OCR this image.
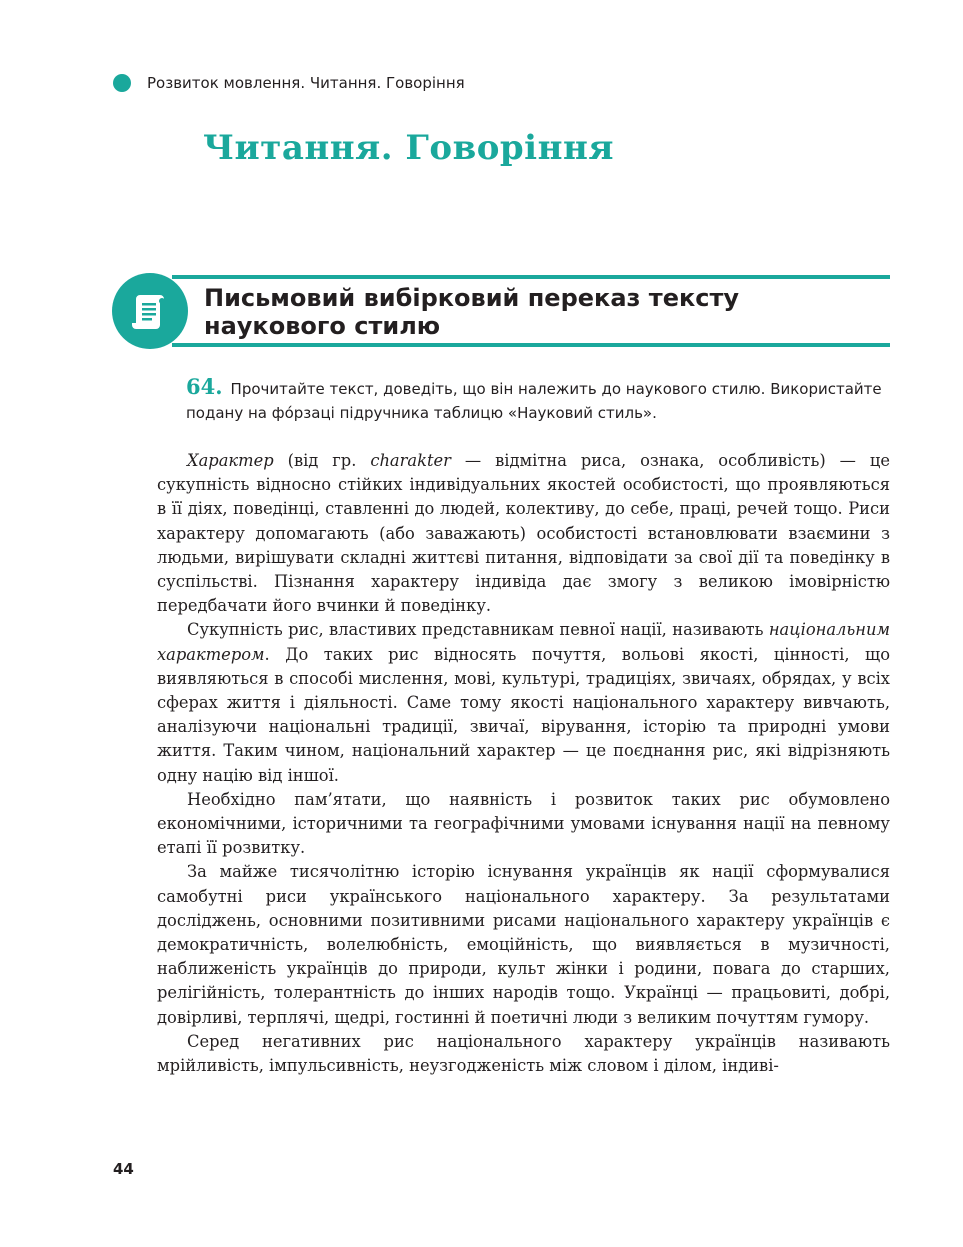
Розвиток мовлення. Читання. Говоріння
Читання. Говоріння
Письмовий вибірковий переказ тексту
наукового стилю
64. Прочитайте текст, доведіть, що він належить до наукового стилю. Використайте подану на фо́рзаці підручника таблицю «Науковий стиль».

Характер (від гр. charakter — відмітна риса, ознака, особливість) — це сукупність відносно стійких індивідуальних якостей особистості, що проявляються в її діях, поведінці, ставленні до людей, колективу, до себе, праці, речей тощо. Риси характеру допомагають (або заважають) особистості встановлювати взаємини з людьми, вирішувати складні життєві питання, відповідати за свої дії та поведінку в суспільстві. Пізнання характеру індивіда дає змогу з великою імовірністю передбачати його вчинки й поведінку.

Сукупність рис, властивих представникам певної нації, називають національним характером. До таких рис відносять почуття, вольові якості, цінності, що виявляються в способі мислення, мові, культурі, традиціях, звичаях, обрядах, у всіх сферах життя і діяльності. Саме тому якості національного характеру вивчають, аналізуючи національні традиції, звичаї, вірування, історію та природні умови життя. Таким чином, національний характер — це поєднання рис, які відрізняють одну націю від іншої.

Необхідно пам’ятати, що наявність і розвиток таких рис обумовлено економічними, історичними та географічними умовами існування нації на певному етапі її розвитку.

За майже тисячолітню історію існування українців як нації сформувалися самобутні риси українського національного характеру. За результатами досліджень, основними позитивними рисами національного характеру українців є демократичність, волелюбність, емоційність, що виявляється в музичності, наближеність українців до природи, культ жінки і родини, повага до старших, релігійність, толерантність до інших народів тощо. Українці — працьовиті, добрі, довірливі, терплячі, щедрі, гостинні й поетичні люди з великим почуттям гумору.

Серед негативних рис національного характеру українців називають мрійливість, імпульсивність, неузгодженість між словом і ділом, індиві-

44
